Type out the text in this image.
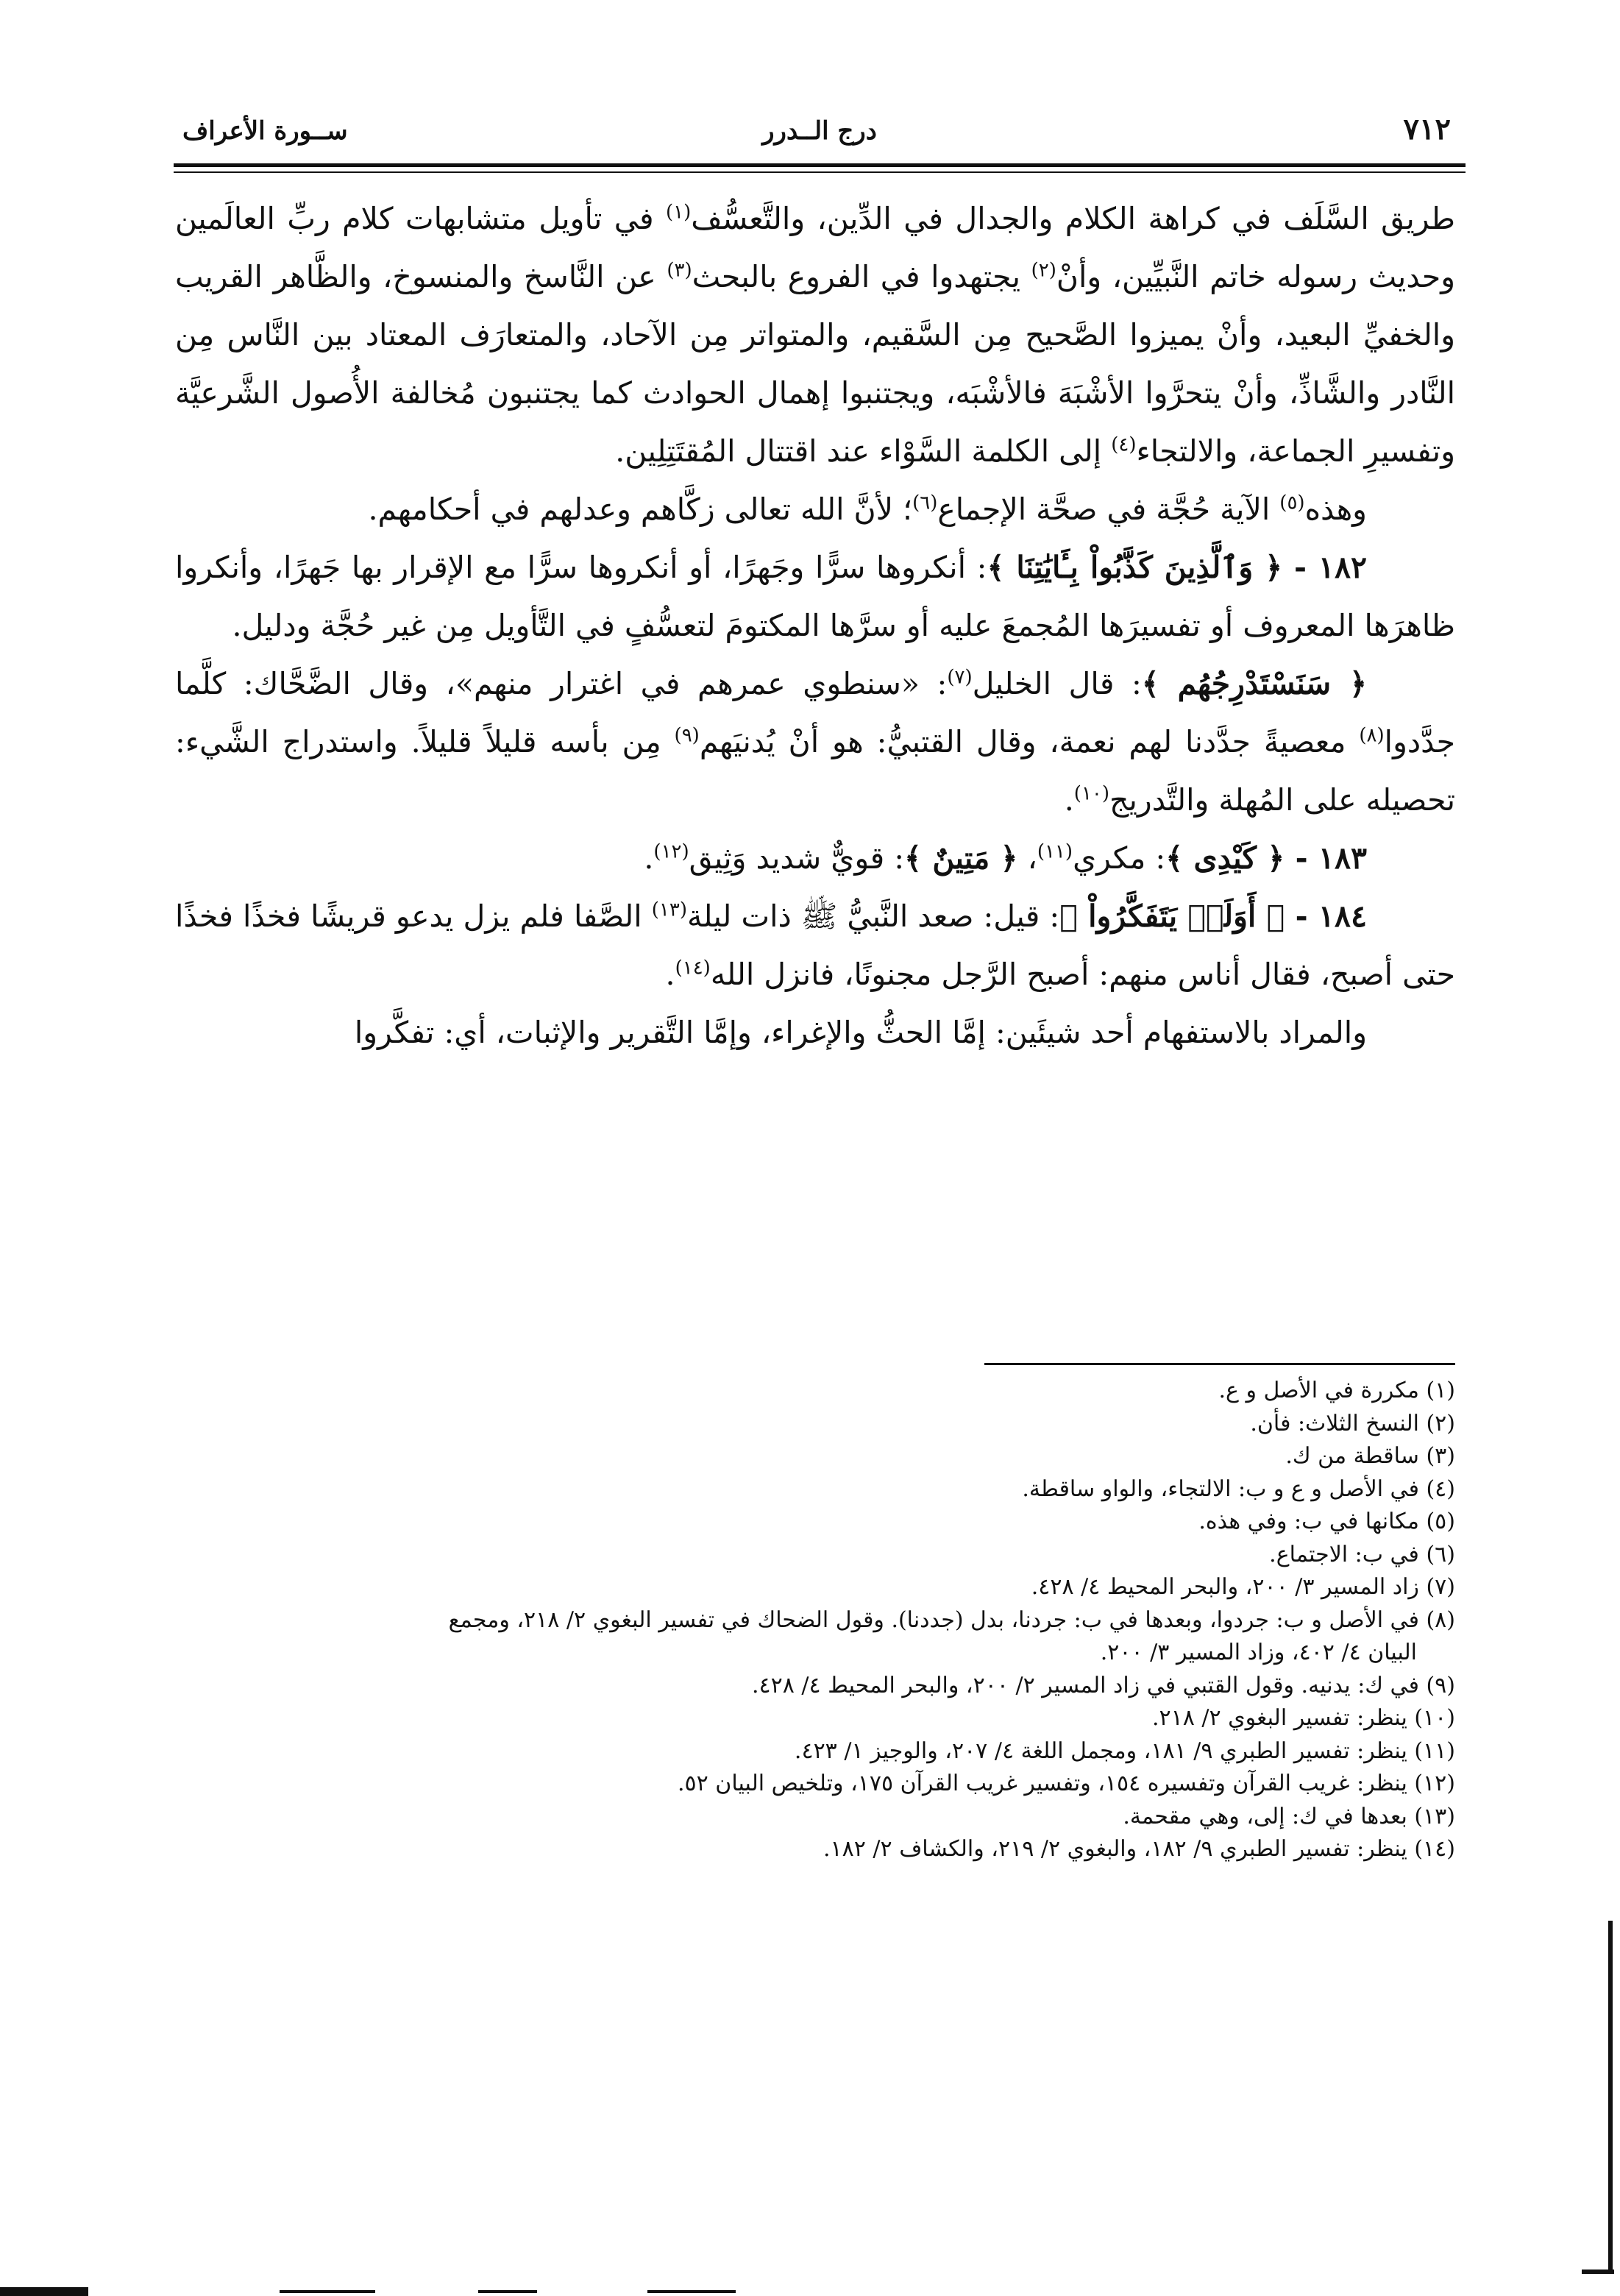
٧١٢
درج الــدرر
ســورة الأعراف

طريق السَّلَف في كراهة الكلام والجدال في الدِّين، والتَّعسُّف$^{(١)}$ في تأويل متشابهات كلام ربِّ العالَمين وحديث رسوله خاتم النَّبيِّين، وأنْ$^{(٢)}$ يجتهدوا في الفروع بالبحث$^{(٣)}$ عن النَّاسخ والمنسوخ، والظَّاهر القريب والخفيِّ البعيد، وأنْ يميزوا الصَّحيح مِن السَّقيم، والمتواتر مِن الآحاد، والمتعارَف المعتاد بين النَّاس مِن النَّادر والشَّاذِّ، وأنْ يتحرَّوا الأشْبَهَ فالأشْبَه، ويجتنبوا إهمال الحوادث كما يجتنبون مُخالفة الأُصول الشَّرعيَّة وتفسيرِ الجماعة، والالتجاء$^{(٤)}$ إلى الكلمة السَّوْاء عند اقتتال المُقتَتِلِين.

وهذه$^{(٥)}$ الآية حُجَّة في صحَّة الإجماع$^{(٦)}$؛ لأنَّ الله تعالى زكَّاهم وعدلهم في أحكامهم.

١٨٢ - ﴿ وَٱلَّذِينَ كَذَّبُواْ بِـَٔايَٰتِنَا ﴾: أنكروها سرًّا وجَهرًا، أو أنكروها سرًّا مع الإقرار بها جَهرًا، وأنكروا ظاهرَها المعروف أو تفسيرَها المُجمعَ عليه أو سرَّها المكتومَ لتعسُّفٍ في التَّأويل مِن غير حُجَّة ودليل.

﴿ سَنَسْتَدْرِجُهُم ﴾: قال الخليل$^{(٧)}$: «سنطوي عمرهم في اغترار منهم»، وقال الضَّحَّاك: كلَّما جدَّدوا$^{(٨)}$ معصيةً جدَّدنا لهم نعمة، وقال القتبيُّ: هو أنْ يُدنيَهم$^{(٩)}$ مِن بأسه قليلاً قليلاً. واستدراج الشَّيء: تحصيله على المُهلة والتَّدريج$^{(١٠)}$.

١٨٣ - ﴿ كَيْدِى ﴾: مكري$^{(١١)}$، ﴿ مَتِينٌ ﴾: قويٌّ شديد وَثِيق$^{(١٢)}$.

١٨٤ - ﴿ أَوَلَمۡ يَتَفَكَّرُواْ ﴾: قيل: صعد النَّبيُّ ﷺ ذات ليلة$^{(١٣)}$ الصَّفا فلم يزل يدعو قريشًا فخذًا فخذًا حتى أصبح، فقال أناس منهم: أصبح الرَّجل مجنونًا، فانزل الله$^{(١٤)}$.

والمراد بالاستفهام أحد شيئَين: إمَّا الحثُّ والإغراء، وإمَّا التَّقرير والإثبات، أي: تفكَّروا

(١) مكررة في الأصل و ع.
(٢) النسخ الثلاث: فأن.
(٣) ساقطة من ك.
(٤) في الأصل و ع و ب: الالتجاء، والواو ساقطة.
(٥) مكانها في ب: وفي هذه.
(٦) في ب: الاجتماع.
(٧) زاد المسير ٣/ ٢٠٠، والبحر المحيط ٤/ ٤٢٨.
(٨) في الأصل و ب: جردوا، وبعدها في ب: جردنا، بدل (جددنا). وقول الضحاك في تفسير البغوي ٢/ ٢١٨، ومجمع
البيان ٤/ ٤٠٢، وزاد المسير ٣/ ٢٠٠.
(٩) في ك: يدنيه. وقول القتبي في زاد المسير ٢/ ٢٠٠، والبحر المحيط ٤/ ٤٢٨.
(١٠) ينظر: تفسير البغوي ٢/ ٢١٨.
(١١) ينظر: تفسير الطبري ٩/ ١٨١، ومجمل اللغة ٤/ ٢٠٧، والوجيز ١/ ٤٢٣.
(١٢) ينظر: غريب القرآن وتفسيره ١٥٤، وتفسير غريب القرآن ١٧٥، وتلخيص البيان ٥٢.
(١٣) بعدها في ك: إلى، وهي مقحمة.
(١٤) ينظر: تفسير الطبري ٩/ ١٨٢، والبغوي ٢/ ٢١٩، والكشاف ٢/ ١٨٢.
